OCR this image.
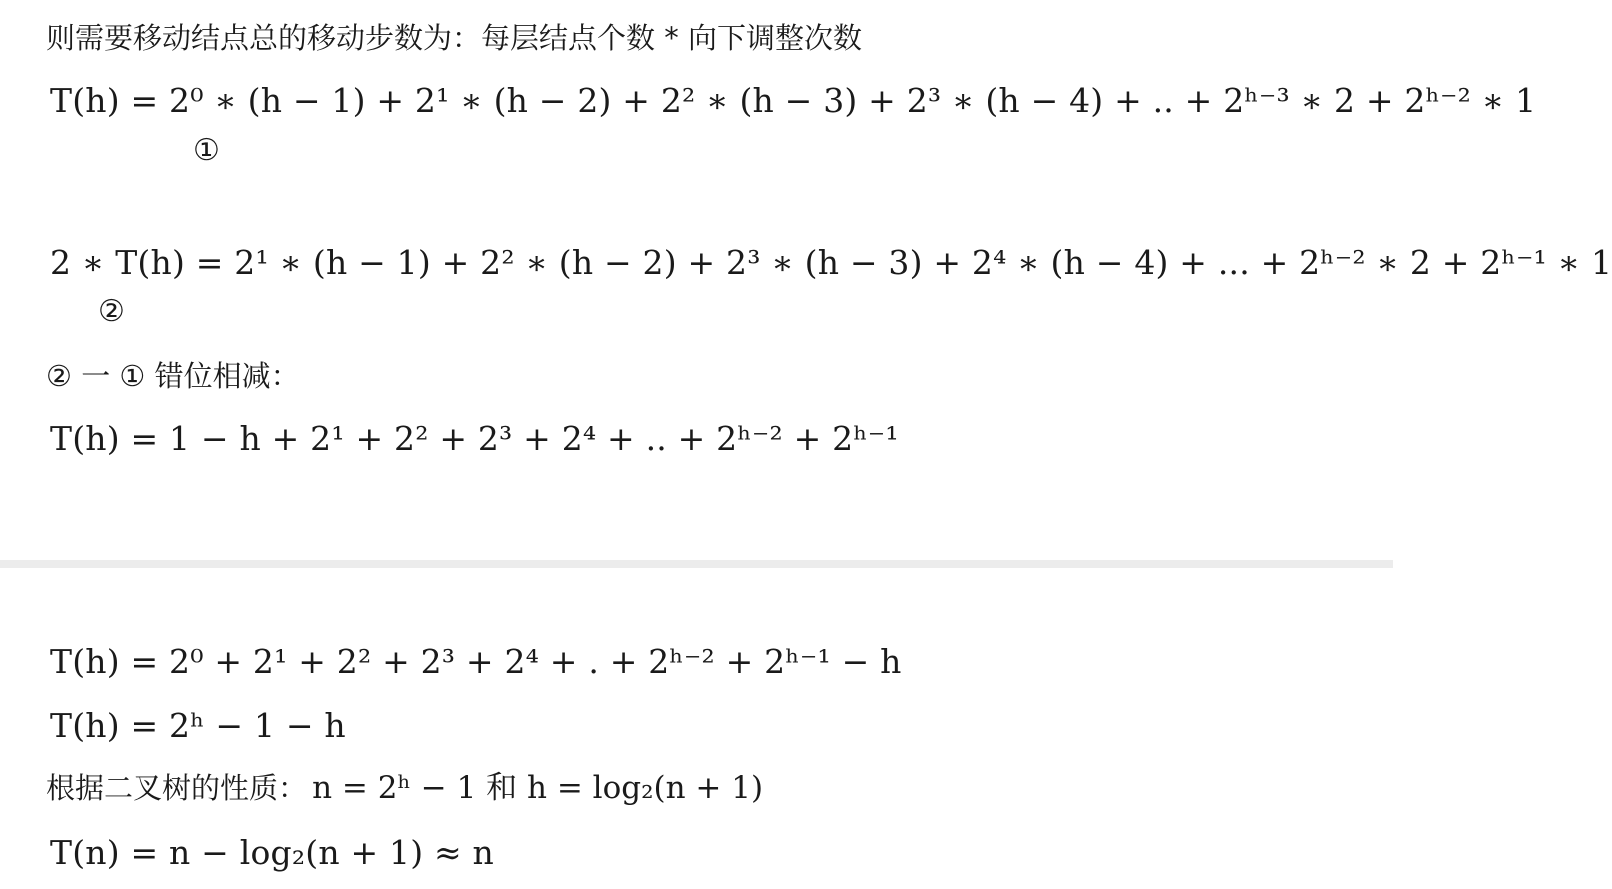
则需要移动结点总的移动步数为：每层结点个数 * 向下调整次数
T(h) = 2⁰ ∗ (h − 1) + 2¹ ∗ (h − 2) + 2² ∗ (h − 3) + 2³ ∗ (h − 4) + .. + 2ʰ⁻³ ∗ 2 + 2ʰ⁻² ∗ 1
①
2 ∗ T(h) = 2¹ ∗ (h − 1) + 2² ∗ (h − 2) + 2³ ∗ (h − 3) + 2⁴ ∗ (h − 4) + ... + 2ʰ⁻² ∗ 2 + 2ʰ⁻¹ ∗ 1
②
② 一 ① 错位相减：
T(h) = 1 − h + 2¹ + 2² + 2³ + 2⁴ + .. + 2ʰ⁻² + 2ʰ⁻¹
T(h) = 2⁰ + 2¹ + 2² + 2³ + 2⁴ + . + 2ʰ⁻² + 2ʰ⁻¹ − h
T(h) = 2ʰ − 1 − h
根据二叉树的性质： n = 2ʰ − 1 和 h = log₂(n + 1)
T(n) = n − log₂(n + 1) ≈ n
